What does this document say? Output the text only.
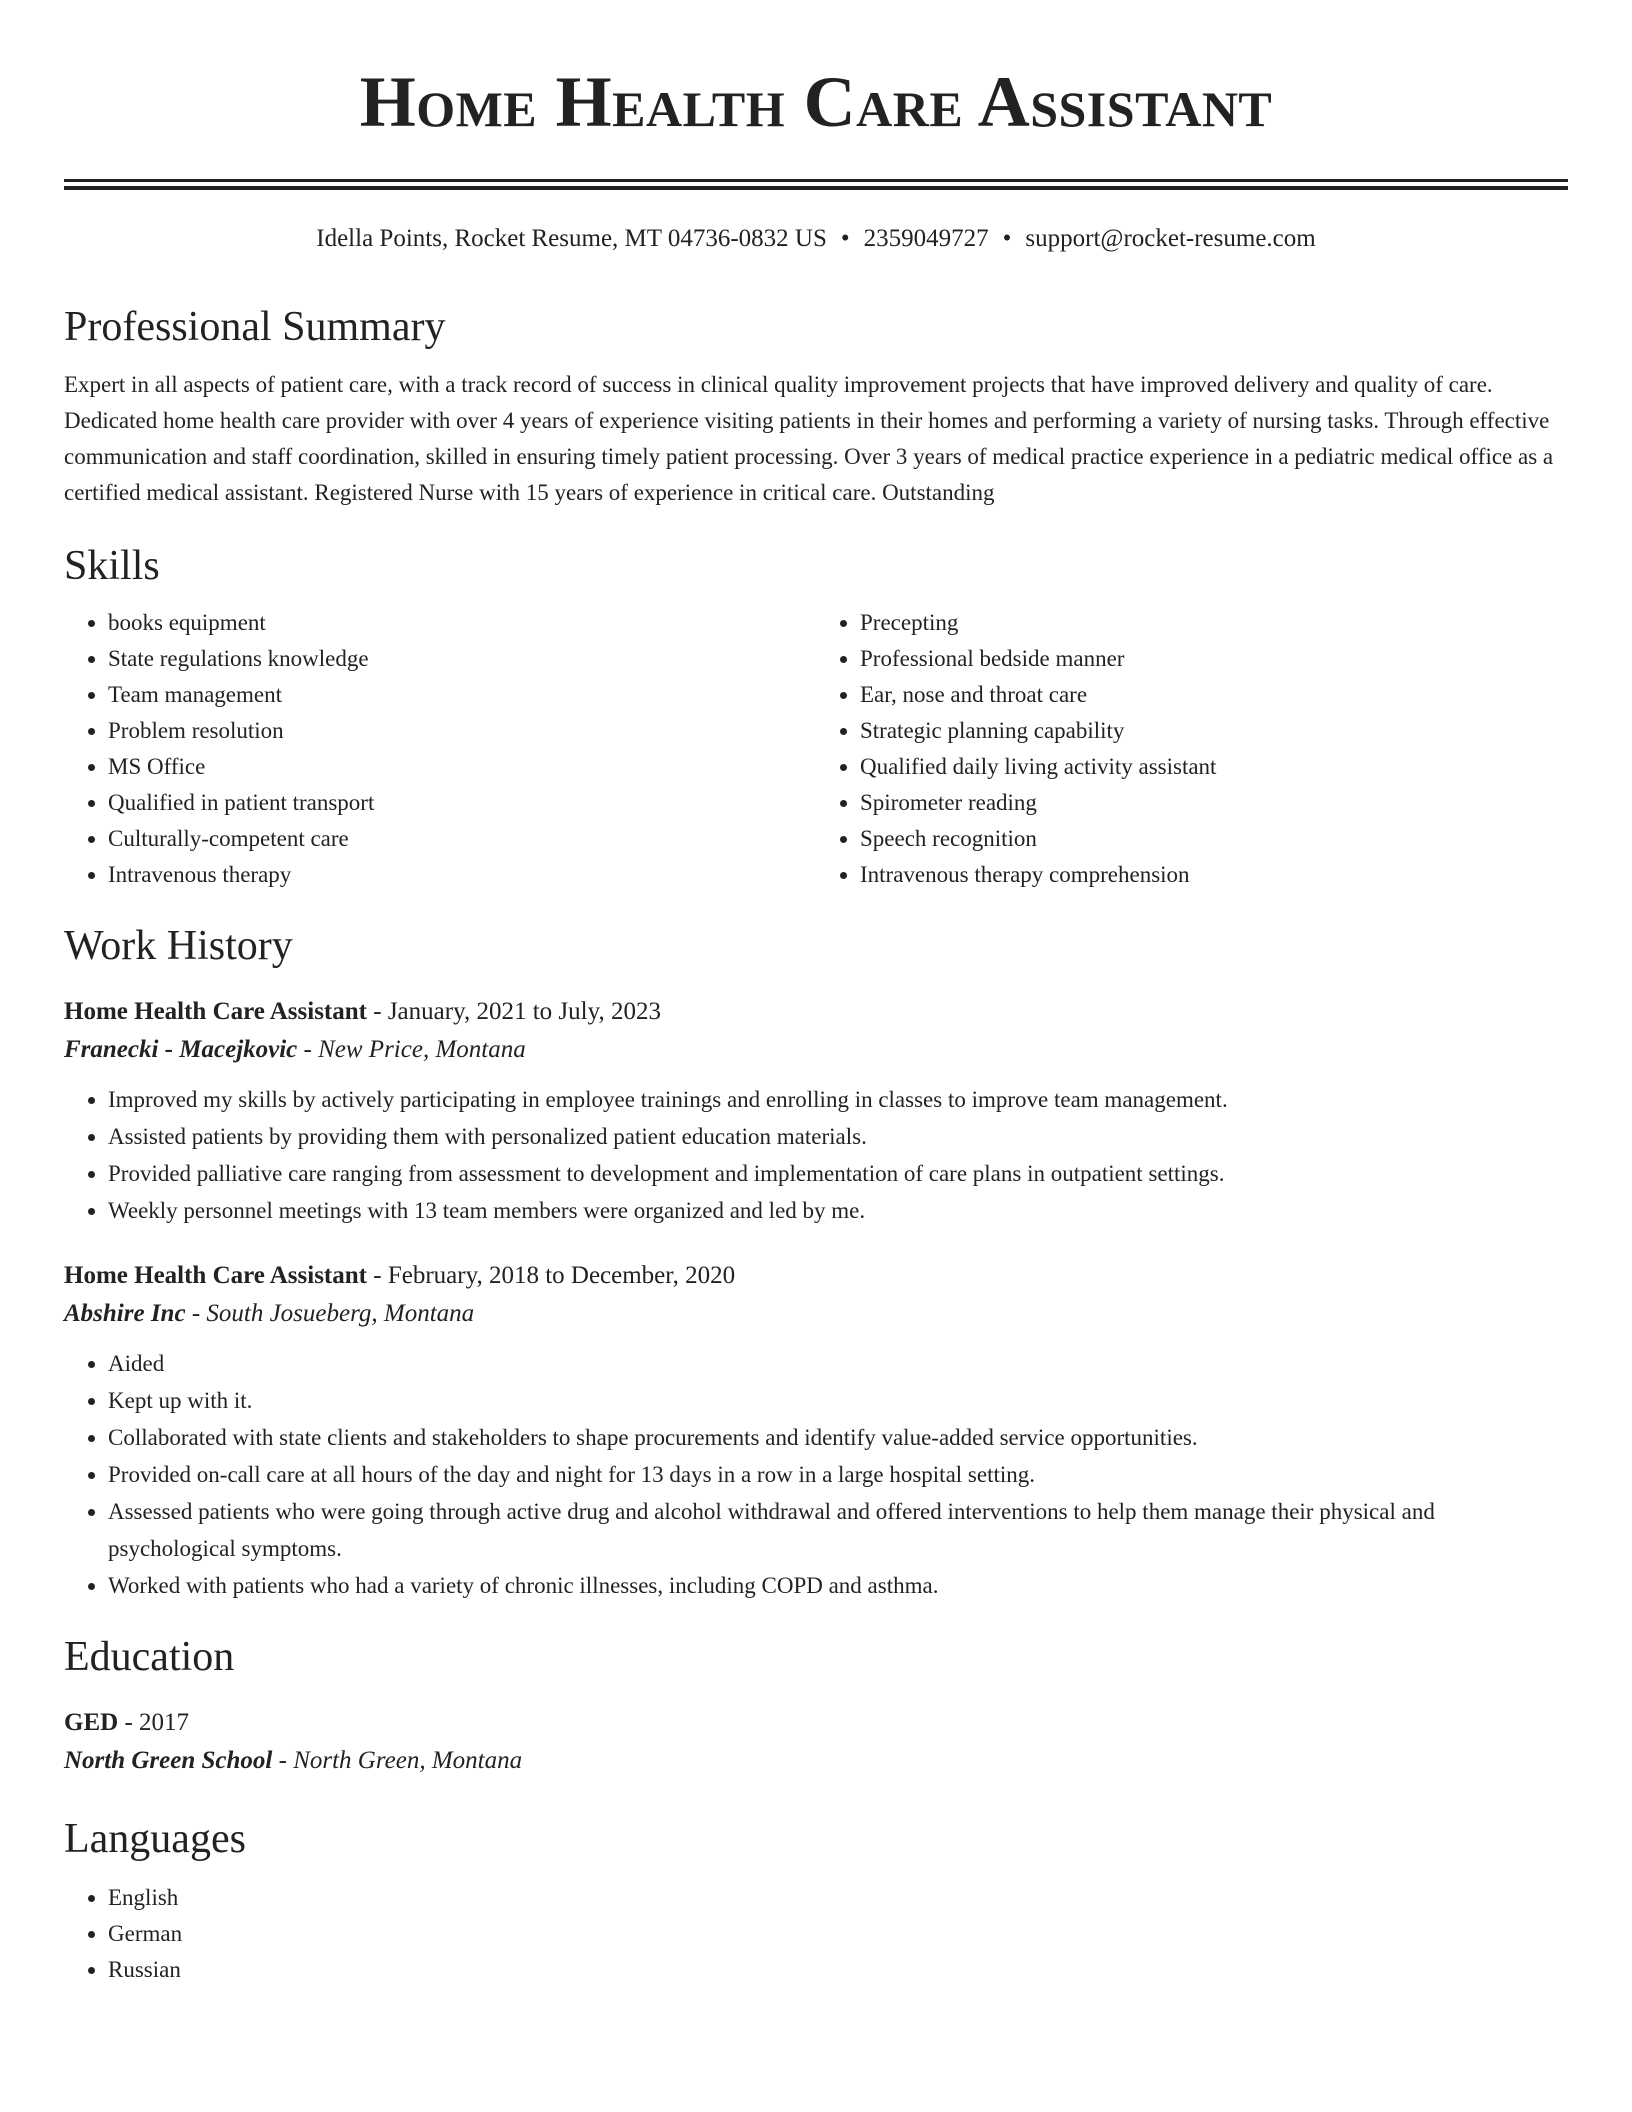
Home Health Care Assistant
Idella Points, Rocket Resume, MT 04736-0832 US • 2359049727 • support@rocket-resume.com
Professional Summary
Expert in all aspects of patient care, with a track record of success in clinical quality improvement projects that have improved delivery and quality of care. Dedicated home health care provider with over 4 years of experience visiting patients in their homes and performing a variety of nursing tasks. Through effective communication and staff coordination, skilled in ensuring timely patient processing. Over 3 years of medical practice experience in a pediatric medical office as a certified medical assistant. Registered Nurse with 15 years of experience in critical care. Outstanding
Skills
• books equipment
• State regulations knowledge
• Team management
• Problem resolution
• MS Office
• Qualified in patient transport
• Culturally-competent care
• Intravenous therapy
• Precepting
• Professional bedside manner
• Ear, nose and throat care
• Strategic planning capability
• Qualified daily living activity assistant
• Spirometer reading
• Speech recognition
• Intravenous therapy comprehension
Work History
Home Health Care Assistant - January, 2021 to July, 2023
Franecki - Macejkovic - New Price, Montana
• Improved my skills by actively participating in employee trainings and enrolling in classes to improve team management.
• Assisted patients by providing them with personalized patient education materials.
• Provided palliative care ranging from assessment to development and implementation of care plans in outpatient settings.
• Weekly personnel meetings with 13 team members were organized and led by me.
Home Health Care Assistant - February, 2018 to December, 2020
Abshire Inc - South Josueberg, Montana
• Aided
• Kept up with it.
• Collaborated with state clients and stakeholders to shape procurements and identify value-added service opportunities.
• Provided on-call care at all hours of the day and night for 13 days in a row in a large hospital setting.
• Assessed patients who were going through active drug and alcohol withdrawal and offered interventions to help them manage their physical and psychological symptoms.
• Worked with patients who had a variety of chronic illnesses, including COPD and asthma.
Education
GED - 2017
North Green School - North Green, Montana
Languages
• English
• German
• Russian
